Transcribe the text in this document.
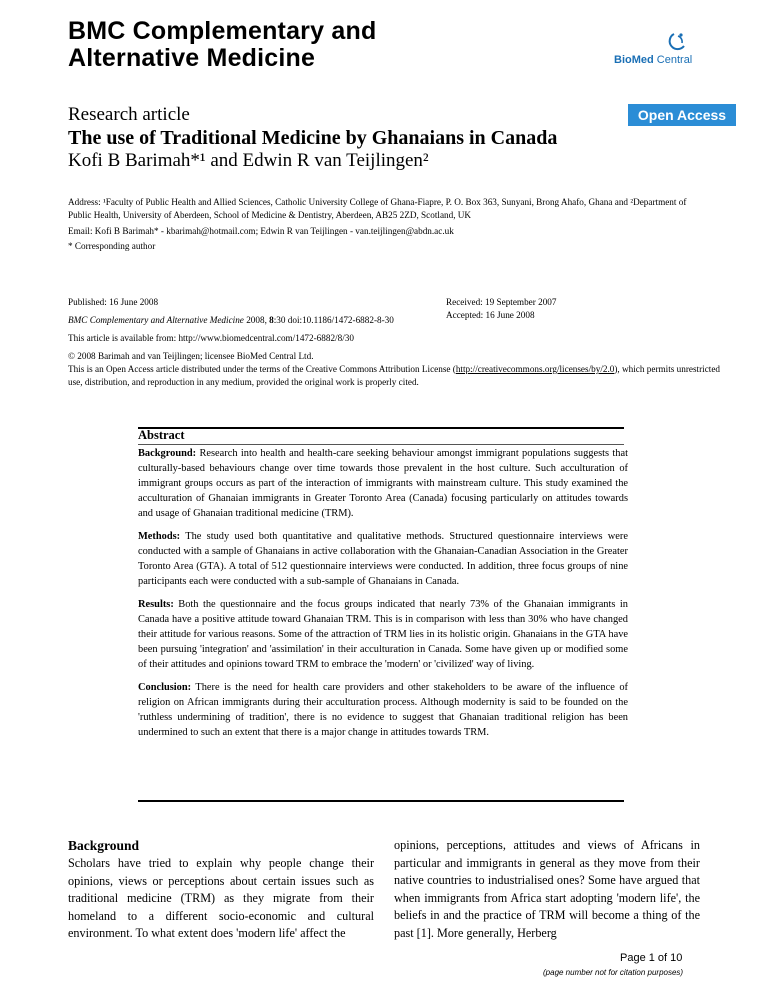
BMC Complementary and
Alternative Medicine	BioMed Central
Research article	Open Access
The use of Traditional Medicine by Ghanaians in Canada
Kofi B Barimah*¹ and Edwin R van Teijlingen²
Address: ¹Faculty of Public Health and Allied Sciences, Catholic University College of Ghana-Fiapre, P. O. Box 363, Sunyani, Brong Ahafo, Ghana and ²Department of Public Health, University of Aberdeen, School of Medicine & Dentistry, Aberdeen, AB25 2ZD, Scotland, UK
Email: Kofi B Barimah* - kbarimah@hotmail.com; Edwin R van Teijlingen - van.teijlingen@abdn.ac.uk
* Corresponding author
Published: 16 June 2008
BMC Complementary and Alternative Medicine 2008, 8:30 doi:10.1186/1472-6882-8-30
This article is available from: http://www.biomedcentral.com/1472-6882/8/30
Received: 19 September 2007
Accepted: 16 June 2008
© 2008 Barimah and van Teijlingen; licensee BioMed Central Ltd.
This is an Open Access article distributed under the terms of the Creative Commons Attribution License (http://creativecommons.org/licenses/by/2.0), which permits unrestricted use, distribution, and reproduction in any medium, provided the original work is properly cited.
Abstract

Background: Research into health and health-care seeking behaviour amongst immigrant populations suggests that culturally-based behaviours change over time towards those prevalent in the host culture. Such acculturation of immigrant groups occurs as part of the interaction of immigrants with mainstream culture. This study examined the acculturation of Ghanaian immigrants in Greater Toronto Area (Canada) focusing particularly on attitudes towards and usage of Ghanaian traditional medicine (TRM).

Methods: The study used both quantitative and qualitative methods. Structured questionnaire interviews were conducted with a sample of Ghanaians in active collaboration with the Ghanaian-Canadian Association in the Greater Toronto Area (GTA). A total of 512 questionnaire interviews were conducted. In addition, three focus groups of nine participants each were conducted with a sub-sample of Ghanaians in Canada.

Results: Both the questionnaire and the focus groups indicated that nearly 73% of the Ghanaian immigrants in Canada have a positive attitude toward Ghanaian TRM. This is in comparison with less than 30% who have changed their attitude for various reasons. Some of the attraction of TRM lies in its holistic origin. Ghanaians in the GTA have been pursuing 'integration' and 'assimilation' in their acculturation in Canada. Some have given up or modified some of their attitudes and opinions toward TRM to embrace the 'modern' or 'civilized' way of living.

Conclusion: There is the need for health care providers and other stakeholders to be aware of the influence of religion on African immigrants during their acculturation process. Although modernity is said to be founded on the 'ruthless undermining of tradition', there is no evidence to suggest that Ghanaian traditional religion has been undermined to such an extent that there is a major change in attitudes towards TRM.

Background
Scholars have tried to explain why people change their opinions, views or perceptions about certain issues such as traditional medicine (TRM) as they migrate from their homeland to a different socio-economic and cultural environment. To what extent does 'modern life' affect the
opinions, perceptions, attitudes and views of Africans in particular and immigrants in general as they move from their native countries to industrialised ones? Some have argued that when immigrants from Africa start adopting 'modern life', the beliefs in and the practice of TRM will become a thing of the past [1]. More generally, Herberg
Page 1 of 10
(page number not for citation purposes)
